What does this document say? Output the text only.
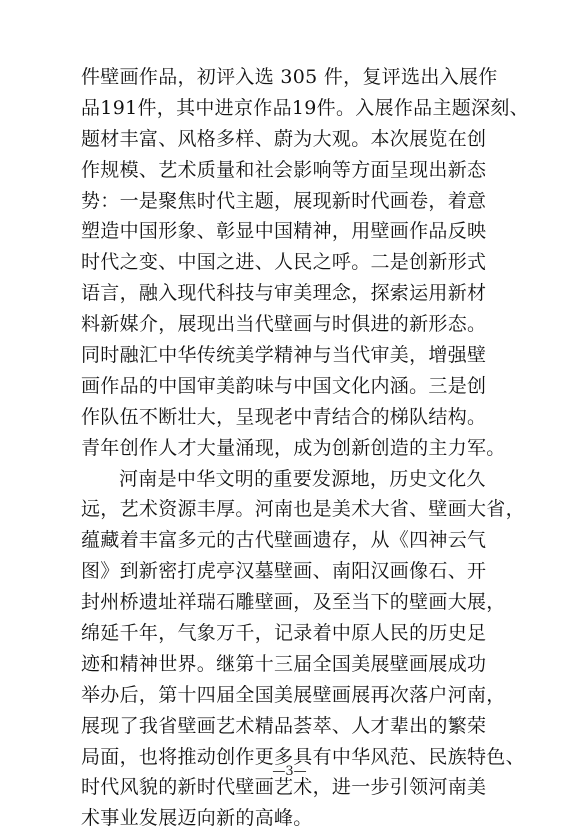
件壁画作品，初评入选 305 件，复评选出入展作
品191件，其中进京作品19件。入展作品主题深刻、
题材丰富、风格多样、蔚为大观。本次展览在创
作规模、艺术质量和社会影响等方面呈现出新态
势：一是聚焦时代主题，展现新时代画卷，着意
塑造中国形象、彰显中国精神，用壁画作品反映
时代之变、中国之进、人民之呼。二是创新形式
语言，融入现代科技与审美理念，探索运用新材
料新媒介，展现出当代壁画与时俱进的新形态。
同时融汇中华传统美学精神与当代审美，增强壁
画作品的中国审美韵味与中国文化内涵。三是创
作队伍不断壮大，呈现老中青结合的梯队结构。
青年创作人才大量涌现，成为创新创造的主力军。
河南是中华文明的重要发源地，历史文化久
远，艺术资源丰厚。河南也是美术大省、壁画大省，
蕴藏着丰富多元的古代壁画遗存，从《四神云气
图》到新密打虎亭汉墓壁画、南阳汉画像石、开
封州桥遗址祥瑞石雕壁画，及至当下的壁画大展，
绵延千年，气象万千，记录着中原人民的历史足
迹和精神世界。继第十三届全国美展壁画展成功
举办后，第十四届全国美展壁画展再次落户河南，
展现了我省壁画艺术精品荟萃、人才辈出的繁荣
局面，也将推动创作更多具有中华风范、民族特色、
时代风貌的新时代壁画艺术，进一步引领河南美
术事业发展迈向新的高峰。
—3—
